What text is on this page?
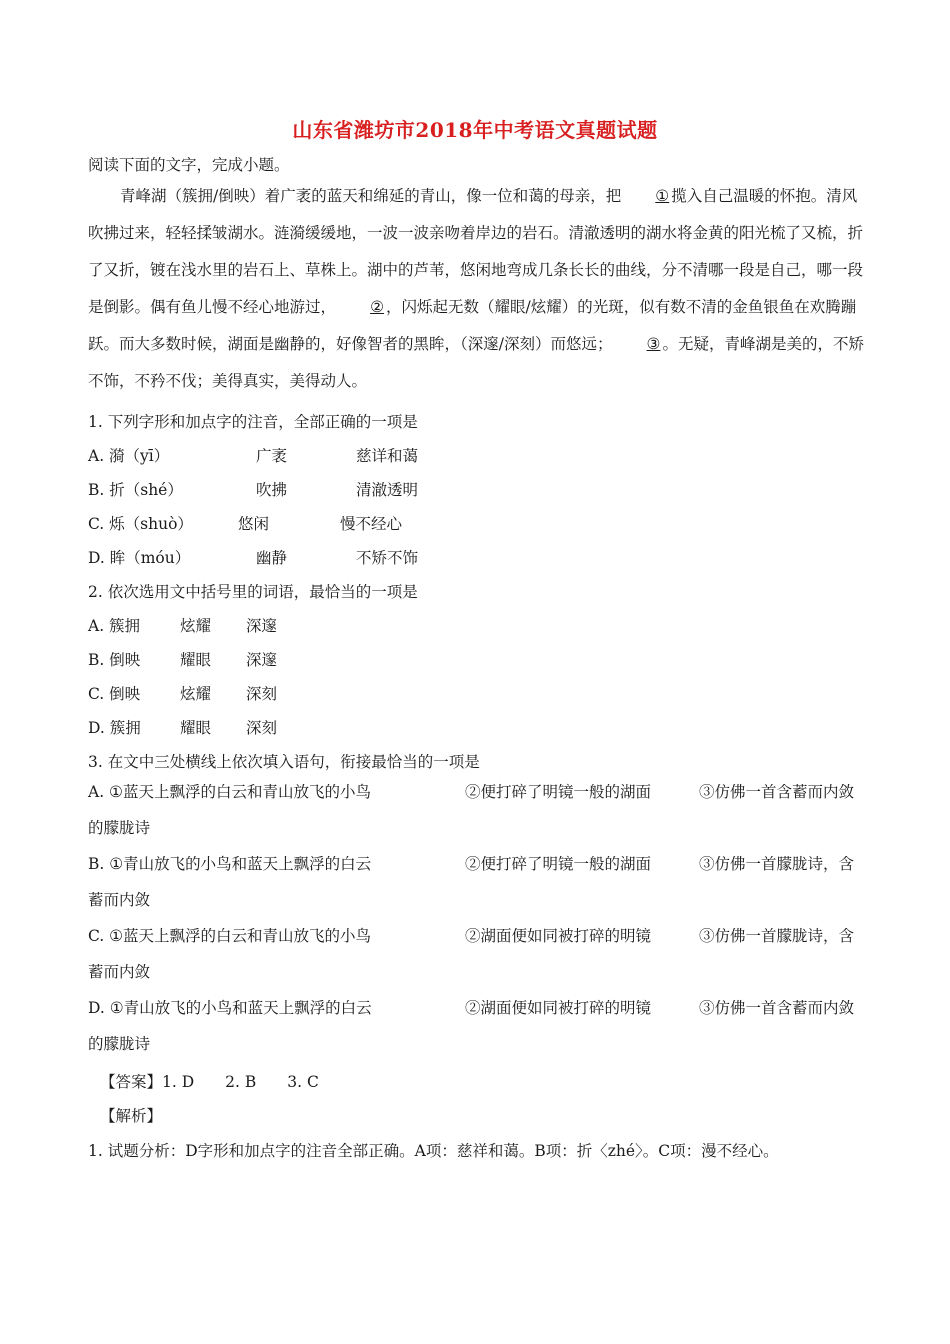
山东省潍坊市2018年中考语文真题试题
阅读下面的文字，完成小题。
青峰湖（簇拥/倒映）着广袤的蓝天和绵延的青山，像一位和蔼的母亲，把 ① 揽入自己温暖的怀抱。清风吹拂过来，轻轻揉皱湖水。涟漪缓缓地，一波一波亲吻着岸边的岩石。清澈透明的湖水将金黄的阳光梳了又梳，折了又折，镀在浅水里的岩石上、草株上。湖中的芦苇，悠闲地弯成几条长长的曲线，分不清哪一段是自己，哪一段是倒影。偶有鱼儿慢不经心地游过， ② ，闪烁起无数（耀眼/炫耀）的光斑，似有数不清的金鱼银鱼在欢腾蹦跃。而大多数时候，湖面是幽静的，好像智者的黑眸，（深邃/深刻）而悠远； ③ 。无疑，青峰湖是美的，不矫不饰，不矜不伐；美得真实，美得动人。
1. 下列字形和加点字的注音，全部正确的一项是
A. 漪（yī）	广袤	慈详和蔼
B. 折（shé）	吹拂	清澈透明
C. 烁（shuò）	悠闲	慢不经心
D. 眸（móu）	幽静	不矫不饰
2. 依次选用文中括号里的词语，最恰当的一项是
A. 簇拥	炫耀 深邃
B. 倒映	耀眼 深邃
C. 倒映	炫耀 深刻
D. 簇拥	耀眼 深刻
3. 在文中三处横线上依次填入语句，衔接最恰当的一项是
A. ①蓝天上飘浮的白云和青山放飞的小鸟	②便打碎了明镜一般的湖面	③仿佛一首含蓄而内敛的朦胧诗
B. ①青山放飞的小鸟和蓝天上飘浮的白云	②便打碎了明镜一般的湖面	③仿佛一首朦胧诗，含蓄而内敛
C. ①蓝天上飘浮的白云和青山放飞的小鸟	②湖面便如同被打碎的明镜	③仿佛一首朦胧诗，含蓄而内敛
D. ①青山放飞的小鸟和蓝天上飘浮的白云	②湖面便如同被打碎的明镜	③仿佛一首含蓄而内敛的朦胧诗
【答案】1. D　　2. B　　3. C
【解析】
1. 试题分析：D字形和加点字的注音全部正确。A项：慈祥和蔼。B项：折〈zhé〉。C项：漫不经心。
